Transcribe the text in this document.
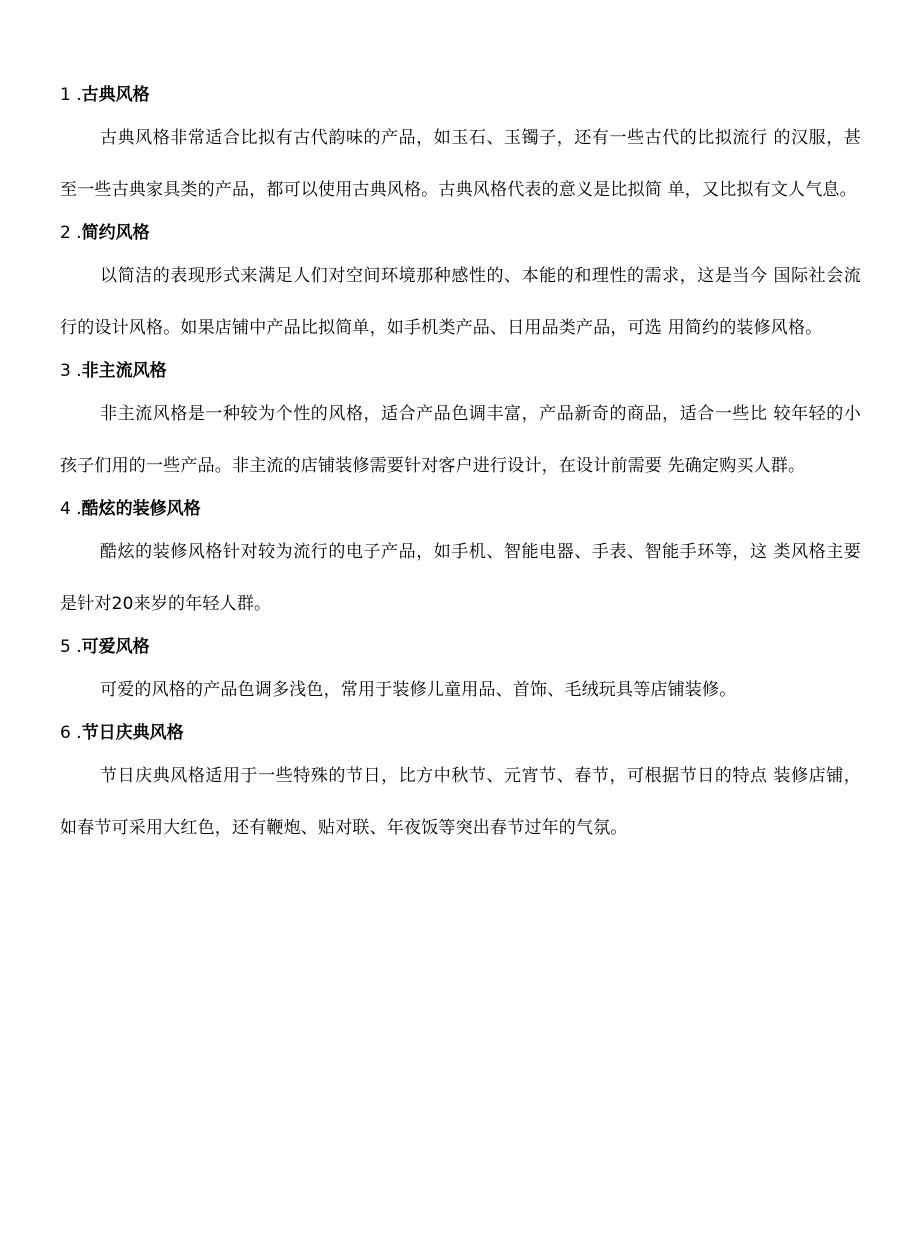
1 .古典风格

古典风格非常适合比拟有古代韵味的产品，如玉石、玉镯子，还有一些古代的比拟流行 的汉服，甚至一些古典家具类的产品，都可以使用古典风格。古典风格代表的意义是比拟简 单，又比拟有文人气息。

2 .简约风格

以简洁的表现形式来满足人们对空间环境那种感性的、本能的和理性的需求，这是当今 国际社会流行的设计风格。如果店铺中产品比拟简单，如手机类产品、日用品类产品，可选 用简约的装修风格。

3 .非主流风格

非主流风格是一种较为个性的风格，适合产品色调丰富，产品新奇的商品，适合一些比 较年轻的小孩子们用的一些产品。非主流的店铺装修需要针对客户进行设计，在设计前需要 先确定购买人群。

4 .酷炫的装修风格

酷炫的装修风格针对较为流行的电子产品，如手机、智能电器、手表、智能手环等，这 类风格主要是针对20来岁的年轻人群。

5 .可爱风格

可爱的风格的产品色调多浅色，常用于装修儿童用品、首饰、毛绒玩具等店铺装修。

6 .节日庆典风格

节日庆典风格适用于一些特殊的节日，比方中秋节、元宵节、春节，可根据节日的特点 装修店铺，如春节可采用大红色，还有鞭炮、贴对联、年夜饭等突出春节过年的气氛。
